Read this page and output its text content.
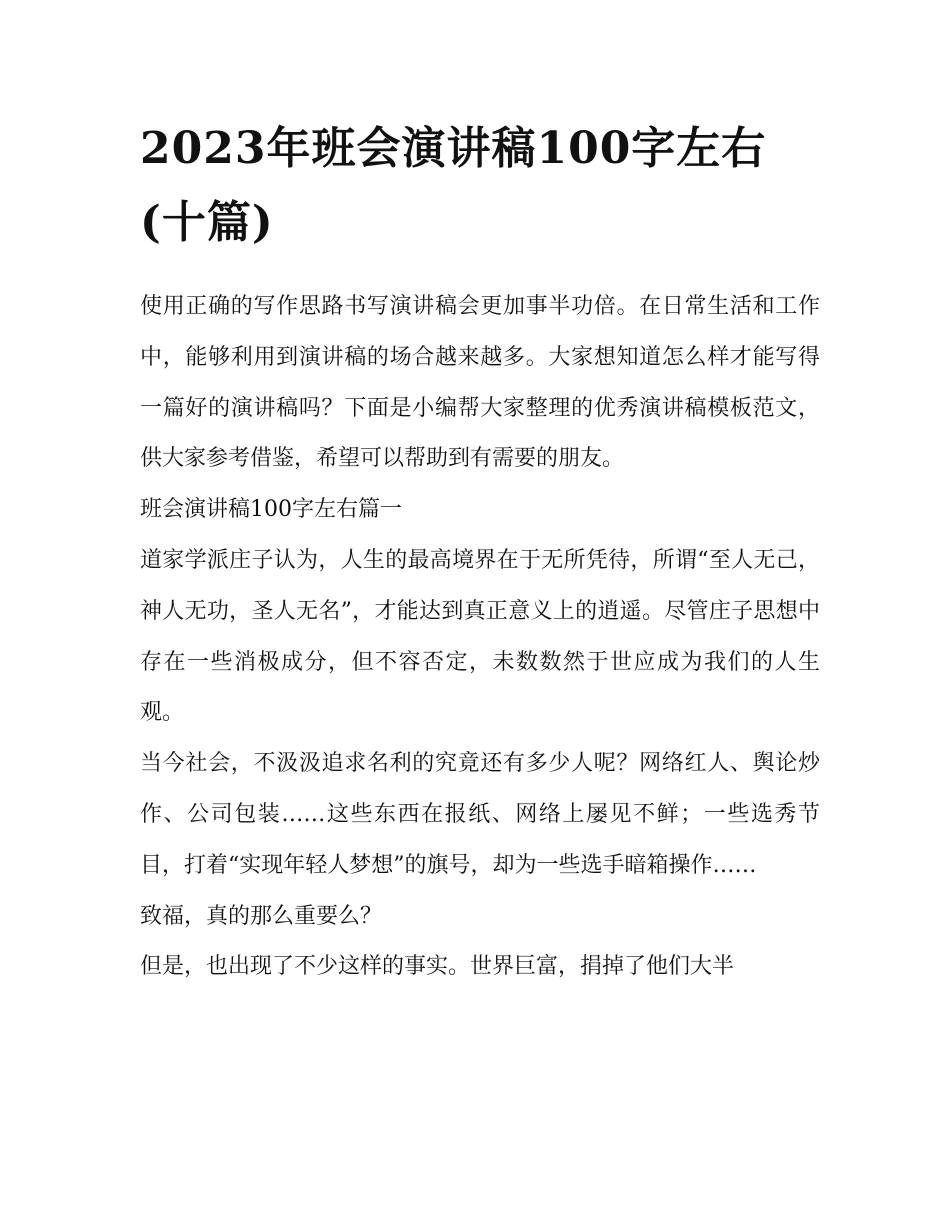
2023年班会演讲稿100字左右(十篇)

使用正确的写作思路书写演讲稿会更加事半功倍。在日常生活和工作中，能够利用到演讲稿的场合越来越多。大家想知道怎么样才能写得一篇好的演讲稿吗？下面是小编帮大家整理的优秀演讲稿模板范文，供大家参考借鉴，希望可以帮助到有需要的朋友。

班会演讲稿100字左右篇一

道家学派庄子认为，人生的最高境界在于无所凭待，所谓“至人无己，神人无功，圣人无名”，才能达到真正意义上的逍遥。尽管庄子思想中存在一些消极成分，但不容否定，未数数然于世应成为我们的人生观。

当今社会，不汲汲追求名利的究竟还有多少人呢？网络红人、舆论炒作、公司包装……这些东西在报纸、网络上屡见不鲜；一些选秀节目，打着“实现年轻人梦想”的旗号，却为一些选手暗箱操作……

致福，真的那么重要么？

但是，也出现了不少这样的事实。世界巨富，捐掉了他们大半
